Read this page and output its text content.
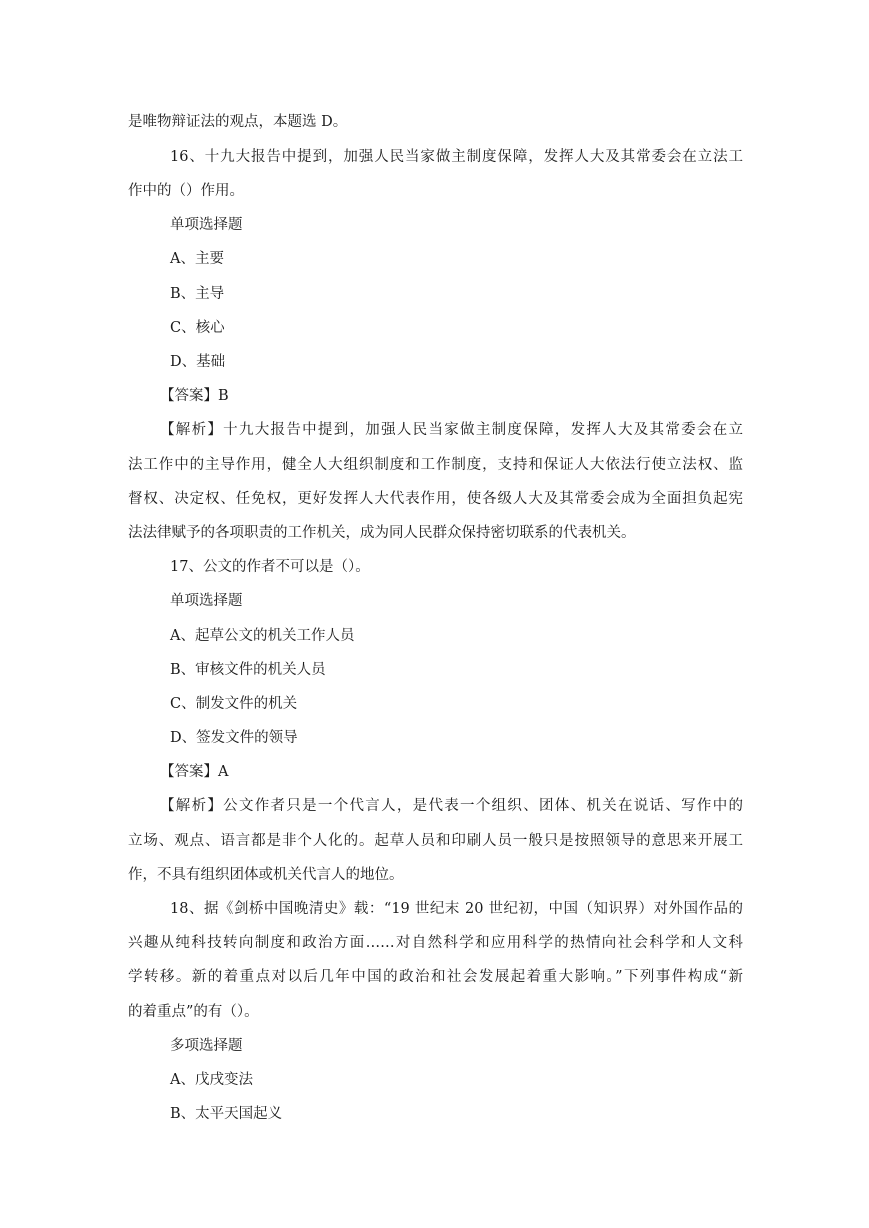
是唯物辩证法的观点，本题选 D。
16、十九大报告中提到，加强人民当家做主制度保障，发挥人大及其常委会在立法工
作中的（）作用。
单项选择题
A、主要
B、主导
C、核心
D、基础
【答案】B
【解析】十九大报告中提到，加强人民当家做主制度保障，发挥人大及其常委会在立
法工作中的主导作用，健全人大组织制度和工作制度，支持和保证人大依法行使立法权、监
督权、决定权、任免权，更好发挥人大代表作用，使各级人大及其常委会成为全面担负起宪
法法律赋予的各项职责的工作机关，成为同人民群众保持密切联系的代表机关。
17、公文的作者不可以是（）。
单项选择题
A、起草公文的机关工作人员
B、审核文件的机关人员
C、制发文件的机关
D、签发文件的领导
【答案】A
【解析】公文作者只是一个代言人，是代表一个组织、团体、机关在说话、写作中的
立场、观点、语言都是非个人化的。起草人员和印刷人员一般只是按照领导的意思来开展工
作，不具有组织团体或机关代言人的地位。
18、据《剑桥中国晚清史》载：“19 世纪末 20 世纪初，中国（知识界）对外国作品的
兴趣从纯科技转向制度和政治方面……对自然科学和应用科学的热情向社会科学和人文科
学转移。新的着重点对以后几年中国的政治和社会发展起着重大影响。”下列事件构成“新
的着重点”的有（）。
多项选择题
A、戊戌变法
B、太平天国起义
